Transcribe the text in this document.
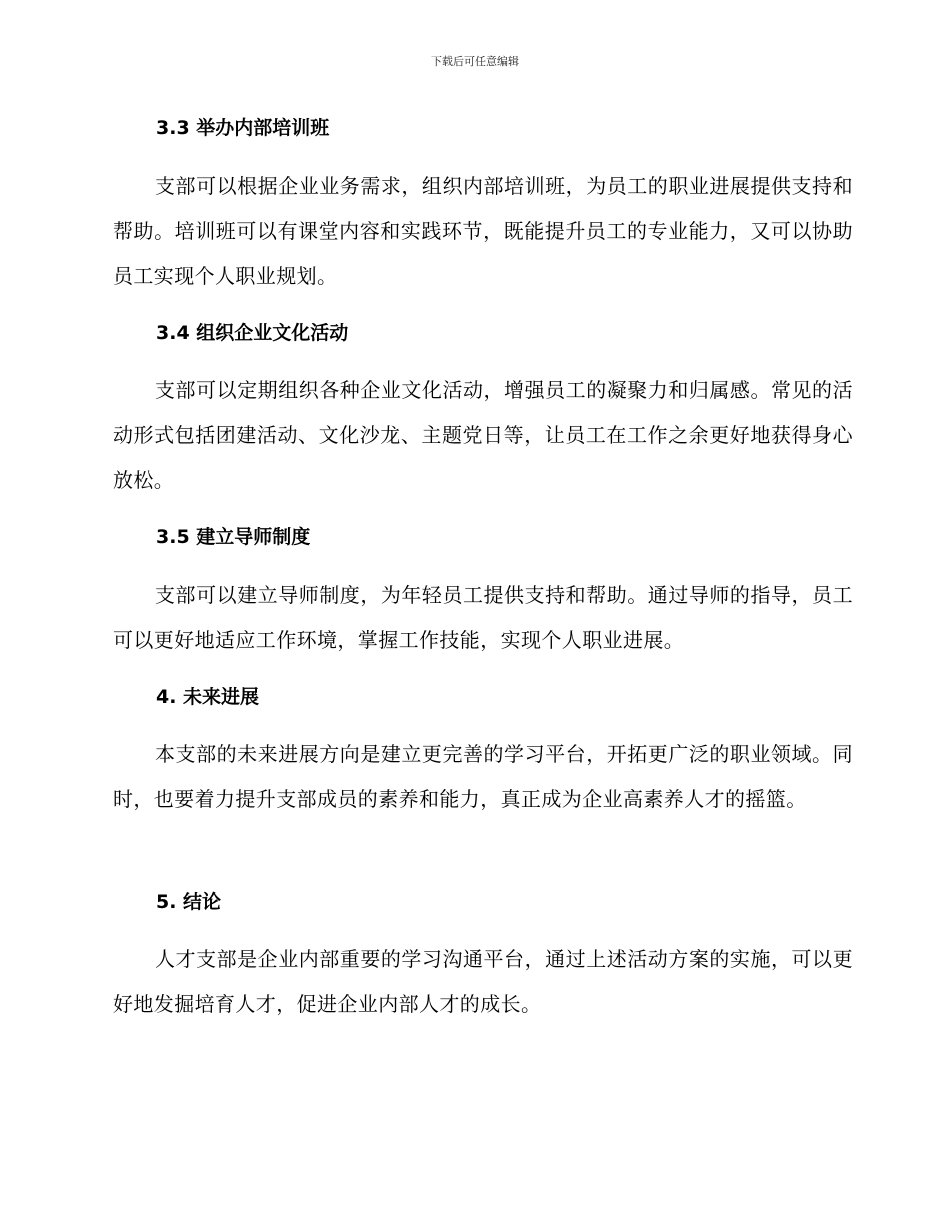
下载后可任意编辑
3.3 举办内部培训班
支部可以根据企业业务需求，组织内部培训班，为员工的职业进展提供支持和帮助。培训班可以有课堂内容和实践环节，既能提升员工的专业能力，又可以协助员工实现个人职业规划。
3.4 组织企业文化活动
支部可以定期组织各种企业文化活动，增强员工的凝聚力和归属感。常见的活动形式包括团建活动、文化沙龙、主题党日等，让员工在工作之余更好地获得身心放松。
3.5 建立导师制度
支部可以建立导师制度，为年轻员工提供支持和帮助。通过导师的指导，员工可以更好地适应工作环境，掌握工作技能，实现个人职业进展。
4. 未来进展
本支部的未来进展方向是建立更完善的学习平台，开拓更广泛的职业领域。同时，也要着力提升支部成员的素养和能力，真正成为企业高素养人才的摇篮。
5. 结论
人才支部是企业内部重要的学习沟通平台，通过上述活动方案的实施，可以更好地发掘培育人才，促进企业内部人才的成长。
